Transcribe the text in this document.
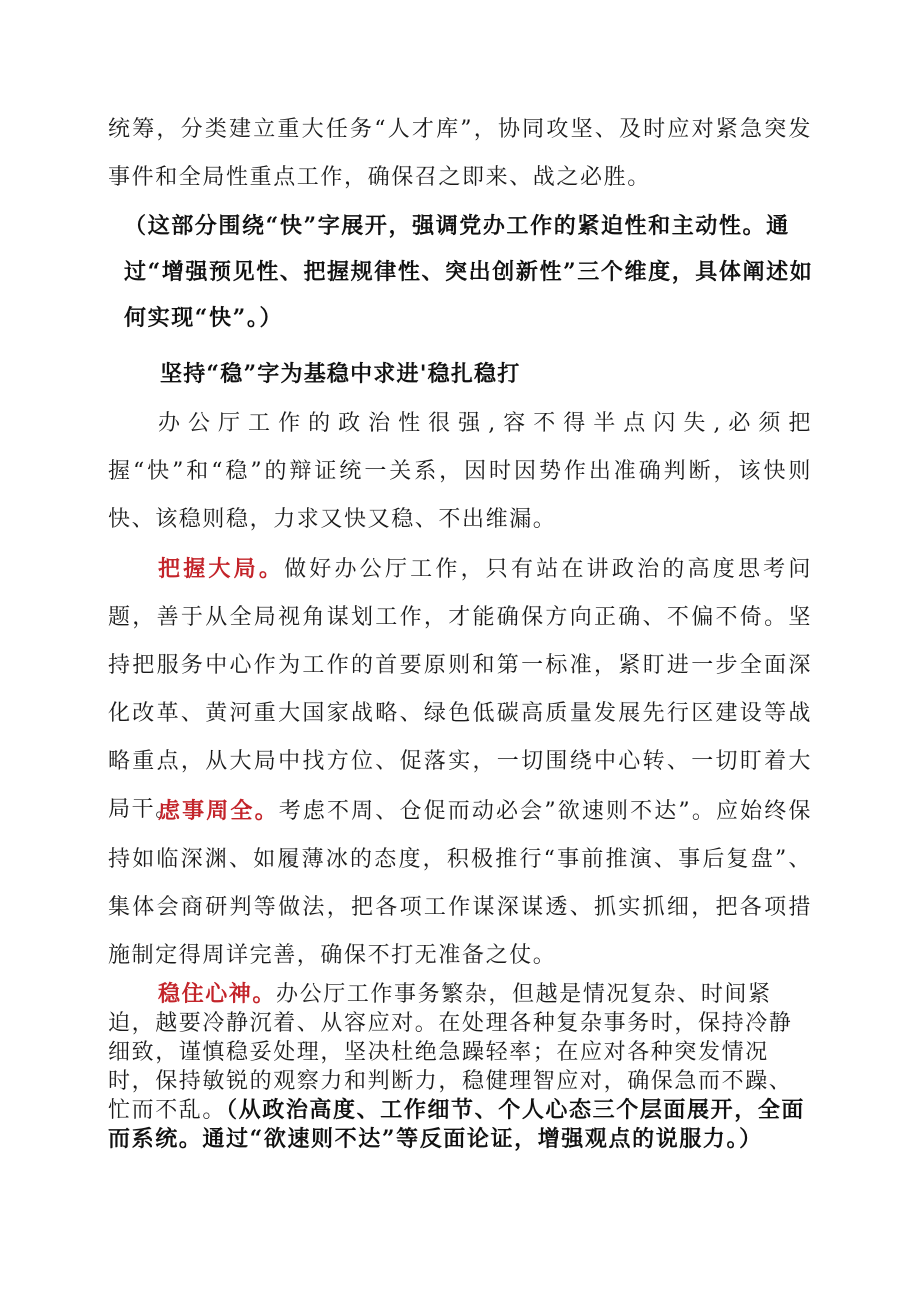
统筹，分类建立重大任务“人才库”，协同攻坚、及时应对紧急突发事件和全局性重点工作，确保召之即来、战之必胜。

（这部分围绕“快”字展开，强调党办工作的紧迫性和主动性。通过“增强预见性、把握规律性、突出创新性”三个维度，具体阐述如何实现“快”。）

坚持“稳”字为基稳中求进'稳扎稳打

办公厅工作的政治性很强,容不得半点闪失,必须把握“快”和“稳”的辩证统一关系，因时因势作出准确判断，该快则快、该稳则稳，力求又快又稳、不出维漏。

把握大局。做好办公厅工作，只有站在讲政治的高度思考问题，善于从全局视角谋划工作，才能确保方向正确、不偏不倚。坚持把服务中心作为工作的首要原则和第一标准，紧盯进一步全面深化改革、黄河重大国家战略、绿色低碳高质量发展先行区建设等战略重点，从大局中找方位、促落实，一切围绕中心转、一切盯着大局干。

虑事周全。考虑不周、仓促而动必会”欲速则不达”。应始终保持如临深渊、如履薄冰的态度，积极推行“事前推演、事后复盘”、集体会商研判等做法，把各项工作谋深谋透、抓实抓细，把各项措施制定得周详完善，确保不打无准备之仗。

稳住心神。办公厅工作事务繁杂，但越是情况复杂、时间紧迫，越要冷静沉着、从容应对。在处理各种复杂事务时，保持冷静细致，谨慎稳妥处理，坚决杜绝急躁轻率；在应对各种突发情况时，保持敏锐的观察力和判断力，稳健理智应对，确保急而不躁、忙而不乱。（从政治高度、工作细节、个人心态三个层面展开，全面而系统。通过“欲速则不达”等反面论证，增强观点的说服力。）
